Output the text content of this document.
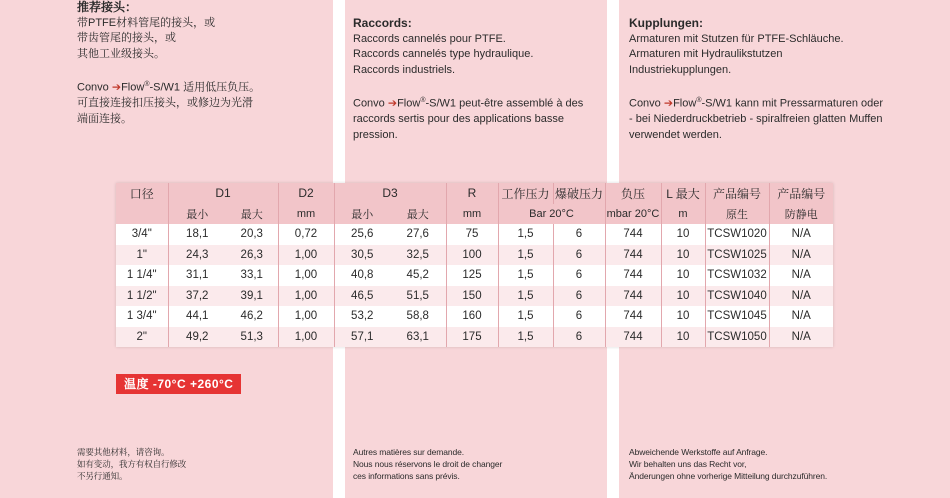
推荐接头：

带PTFE材料管尾的接头，或
带齿管尾的接头，或
其他工业级接头。

Convo ➔Flow®-S/W1 适用低压负压。
可直接连接扣压接头，或修边为光滑
端面连接。

Raccords:

Raccords cannelés pour PTFE.
Raccords cannelés type hydraulique.
Raccords industriels.

Convo ➔Flow®-S/W1 peut-être assemblé à des
raccords sertis pour des applications basse
pression.

Kupplungen:

Armaturen mit Stutzen für PTFE-Schläuche.
Armaturen mit Hydraulikstutzen
Industriekupplungen.

Convo ➔Flow®-S/W1 kann mit Pressarmaturen oder
- bei Niederdruckbetrieb - spiralfreien glatten Muffen
verwendet werden.

口径	D1		D2	D3		R	工作压力	爆破压力	负压	L 最大	产品编号	产品编号
	最小	最大	mm	最小	最大	mm	Bar 20°C		mbar 20°C	m	原生	防静电
3/4"	18,1	20,3	0,72	25,6	27,6	75	1,5	6	744	10	TCSW1020	N/A
1"	24,3	26,3	1,00	30,5	32,5	100	1,5	6	744	10	TCSW1025	N/A
1 1/4"	31,1	33,1	1,00	40,8	45,2	125	1,5	6	744	10	TCSW1032	N/A
1 1/2"	37,2	39,1	1,00	46,5	51,5	150	1,5	6	744	10	TCSW1040	N/A
1 3/4"	44,1	46,2	1,00	53,2	58,8	160	1,5	6	744	10	TCSW1045	N/A
2"	49,2	51,3	1,00	57,1	63,1	175	1,5	6	744	10	TCSW1050	N/A
温度 -70°C +260°C
需要其他材料，请咨询。
如有变动，我方有权自行修改
不另行通知。
Autres matières sur demande.
Nous nous réservons le droit de changer
ces informations sans prévis.
Abweichende Werkstoffe auf Anfrage.
Wir behalten uns das Recht vor,
Änderungen ohne vorherige Mitteilung durchzuführen.
